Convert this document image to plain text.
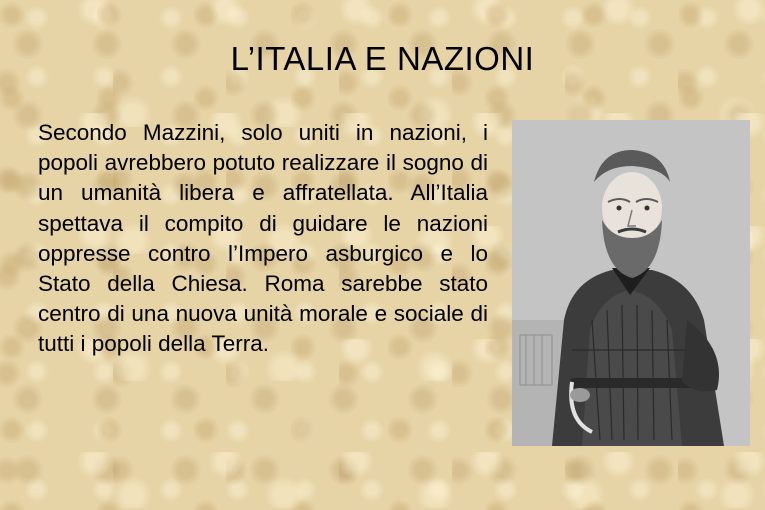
L’ITALIA E NAZIONI
Secondo Mazzini, solo uniti in nazioni, i popoli avrebbero potuto realizzare il sogno di un umanità libera e affratellata. All’Italia spettava il compito di guidare le nazioni oppresse contro l’Impero asburgico e lo Stato della Chiesa. Roma sarebbe stato centro di una nuova unità morale e sociale di tutti i popoli della Terra.
